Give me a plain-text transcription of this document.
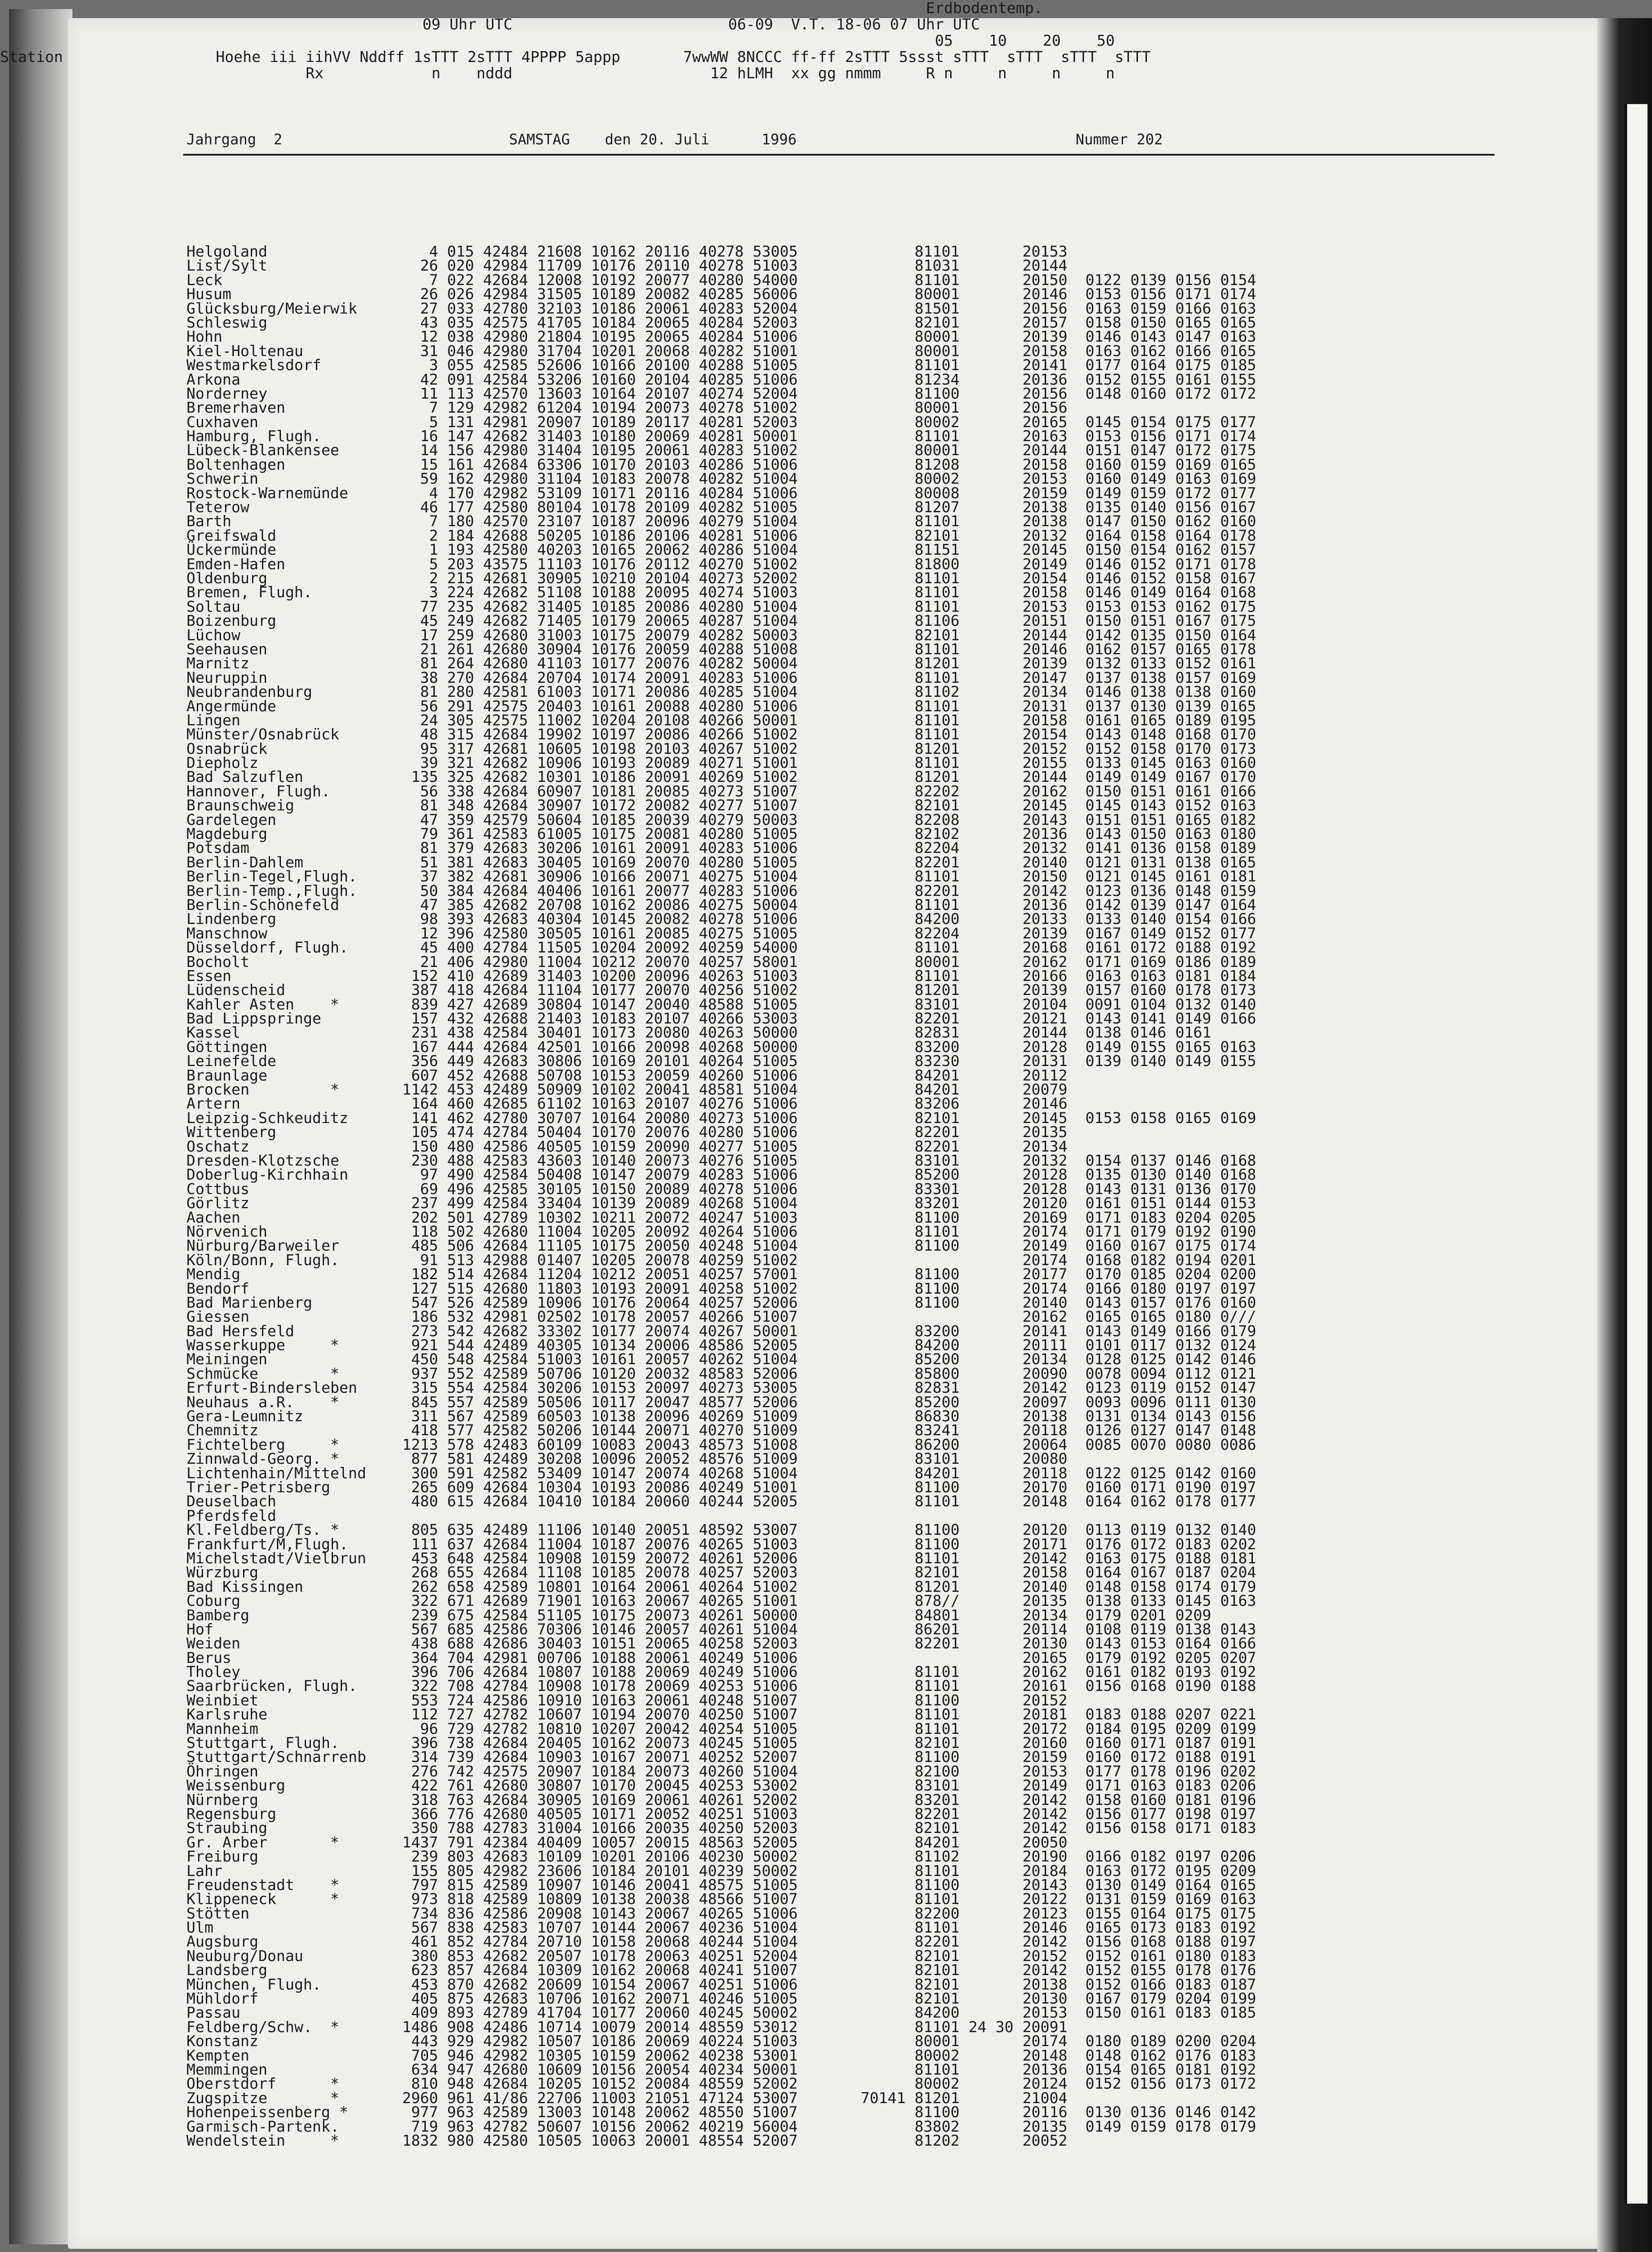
Jahrgang  2                          SAMSTAG    den 20. Juli      1996                                Nummer 202
Erdbodentemp.
09 Uhr UTC                        06-09  V.T. 18-06 07 Uhr UTC
05    10    20    50
Station                 Hoehe iii iihVV Nddff 1sTTT 2sTTT 4PPPP 5appp       7wwWW 8NCCC ff-ff 2sTTT 5ssst sTTT  sTTT  sTTT  sTTT
Rx            n    nddd                      12 hLMH  xx gg nmmm     R n     n     n     n
Helgoland                  4 015 42484 21608 10162 20116 40278 53005             81101       20153
List/Sylt                 26 020 42984 11709 10176 20110 40278 51003             81031       20144
Leck                       7 022 42684 12008 10192 20077 40280 54000             81101       20150  0122 0139 0156 0154
Husum                     26 026 42984 31505 10189 20082 40285 56006             80001       20146  0153 0156 0171 0174
Glücksburg/Meierwik       27 033 42780 32103 10186 20061 40283 52004             81501       20156  0163 0159 0166 0163
Schleswig                 43 035 42575 41705 10184 20065 40284 52003             82101       20157  0158 0150 0165 0165
Hohn                      12 038 42980 21804 10195 20065 40284 51006             80001       20139  0146 0143 0147 0163
Kiel-Holtenau             31 046 42980 31704 10201 20068 40282 51001             80001       20158  0163 0162 0166 0165
Westmarkelsdorf            3 055 42585 52606 10166 20100 40288 51005             81101       20141  0177 0164 0175 0185
Arkona                    42 091 42584 53206 10160 20104 40285 51006             81234       20136  0152 0155 0161 0155
Norderney                 11 113 42570 13603 10164 20107 40274 52004             81100       20156  0148 0160 0172 0172
Bremerhaven                7 129 42982 61204 10194 20073 40278 51002             80001       20156
Cuxhaven                   5 131 42981 20907 10189 20117 40281 52003             80002       20165  0145 0154 0175 0177
Hamburg, Flugh.           16 147 42682 31403 10180 20069 40281 50001             81101       20163  0153 0156 0171 0174
Lübeck-Blankensee         14 156 42980 31404 10195 20061 40283 51002             80001       20144  0151 0147 0172 0175
Boltenhagen               15 161 42684 63306 10170 20103 40286 51006             81208       20158  0160 0159 0169 0165
Schwerin                  59 162 42980 31104 10183 20078 40282 51004             80002       20153  0160 0149 0163 0169
Rostock-Warnemünde         4 170 42982 53109 10171 20116 40284 51006             80008       20159  0149 0159 0172 0177
Teterow                   46 177 42580 80104 10178 20109 40282 51005             81207       20138  0135 0140 0156 0167
Barth                      7 180 42570 23107 10187 20096 40279 51004             81101       20138  0147 0150 0162 0160
Greifswald                 2 184 42688 50205 10186 20106 40281 51006             82101       20132  0164 0158 0164 0178
Ückermünde                 1 193 42580 40203 10165 20062 40286 51004             81151       20145  0150 0154 0162 0157
Emden-Hafen                5 203 43575 11103 10176 20112 40270 51002             81800       20149  0146 0152 0171 0178
Oldenburg                  2 215 42681 30905 10210 20104 40273 52002             81101       20154  0146 0152 0158 0167
Bremen, Flugh.             3 224 42682 51108 10188 20095 40274 51003             81101       20158  0146 0149 0164 0168
Soltau                    77 235 42682 31405 10185 20086 40280 51004             81101       20153  0153 0153 0162 0175
Boizenburg                45 249 42682 71405 10179 20065 40287 51004             81106       20151  0150 0151 0167 0175
Lüchow                    17 259 42680 31003 10175 20079 40282 50003             82101       20144  0142 0135 0150 0164
Seehausen                 21 261 42680 30904 10176 20059 40288 51008             81101       20146  0162 0157 0165 0178
Marnitz                   81 264 42680 41103 10177 20076 40282 50004             81201       20139  0132 0133 0152 0161
Neuruppin                 38 270 42684 20704 10174 20091 40283 51006             81101       20147  0137 0138 0157 0169
Neubrandenburg            81 280 42581 61003 10171 20086 40285 51004             81102       20134  0146 0138 0138 0160
Angermünde                56 291 42575 20403 10161 20088 40280 51006             81101       20131  0137 0130 0139 0165
Lingen                    24 305 42575 11002 10204 20108 40266 50001             81101       20158  0161 0165 0189 0195
Münster/Osnabrück         48 315 42684 19902 10197 20086 40266 51002             81101       20154  0143 0148 0168 0170
Osnabrück                 95 317 42681 10605 10198 20103 40267 51002             81201       20152  0152 0158 0170 0173
Diepholz                  39 321 42682 10906 10193 20089 40271 51001             81101       20155  0133 0145 0163 0160
Bad Salzuflen            135 325 42682 10301 10186 20091 40269 51002             81201       20144  0149 0149 0167 0170
Hannover, Flugh.          56 338 42684 60907 10181 20085 40273 51007             82202       20162  0150 0151 0161 0166
Braunschweig              81 348 42684 30907 10172 20082 40277 51007             82101       20145  0145 0143 0152 0163
Gardelegen                47 359 42579 50604 10185 20039 40279 50003             82208       20143  0151 0151 0165 0182
Magdeburg                 79 361 42583 61005 10175 20081 40280 51005             82102       20136  0143 0150 0163 0180
Potsdam                   81 379 42683 30206 10161 20091 40283 51006             82204       20132  0141 0136 0158 0189
Berlin-Dahlem             51 381 42683 30405 10169 20070 40280 51005             82201       20140  0121 0131 0138 0165
Berlin-Tegel,Flugh.       37 382 42681 30906 10166 20071 40275 51004             81101       20150  0121 0145 0161 0181
Berlin-Temp.,Flugh.       50 384 42684 40406 10161 20077 40283 51006             82201       20142  0123 0136 0148 0159
Berlin-Schönefeld         47 385 42682 20708 10162 20086 40275 50004             81101       20136  0142 0139 0147 0164
Lindenberg                98 393 42683 40304 10145 20082 40278 51006             84200       20133  0133 0140 0154 0166
Manschnow                 12 396 42580 30505 10161 20085 40275 51005             82204       20139  0167 0149 0152 0177
Düsseldorf, Flugh.        45 400 42784 11505 10204 20092 40259 54000             81101       20168  0161 0172 0188 0192
Bocholt                   21 406 42980 11004 10212 20070 40257 58001             80001       20162  0171 0169 0186 0189
Essen                    152 410 42689 31403 10200 20096 40263 51003             81101       20166  0163 0163 0181 0184
Lüdenscheid              387 418 42684 11104 10177 20070 40256 51002             81201       20139  0157 0160 0178 0173
Kahler Asten    *        839 427 42689 30804 10147 20040 48588 51005             83101       20104  0091 0104 0132 0140
Bad Lippspringe          157 432 42688 21403 10183 20107 40266 53003             82201       20121  0143 0141 0149 0166
Kassel                   231 438 42584 30401 10173 20080 40263 50000             82831       20144  0138 0146 0161
Göttingen                167 444 42684 42501 10166 20098 40268 50000             83200       20128  0149 0155 0165 0163
Leinefelde               356 449 42683 30806 10169 20101 40264 51005             83230       20131  0139 0140 0149 0155
Braunlage                607 452 42688 50708 10153 20059 40260 51006             84201       20112
Brocken         *       1142 453 42489 50909 10102 20041 48581 51004             84201       20079
Artern                   164 460 42685 61102 10163 20107 40276 51006             83206       20146
Leipzig-Schkeuditz       141 462 42780 30707 10164 20080 40273 51006             82101       20145  0153 0158 0165 0169
Wittenberg               105 474 42784 50404 10170 20076 40280 51006             82201       20135
Oschatz                  150 480 42586 40505 10159 20090 40277 51005             82201       20134
Dresden-Klotzsche        230 488 42583 43603 10140 20073 40276 51005             83101       20132  0154 0137 0146 0168
Doberlug-Kirchhain        97 490 42584 50408 10147 20079 40283 51006             85200       20128  0135 0130 0140 0168
Cottbus                   69 496 42585 30105 10150 20089 40278 51006             83301       20128  0143 0131 0136 0170
Görlitz                  237 499 42584 33404 10139 20089 40268 51004             83201       20120  0161 0151 0144 0153
Aachen                   202 501 42789 10302 10211 20072 40247 51003             81100       20169  0171 0183 0204 0205
Nörvenich                118 502 42680 11004 10205 20092 40264 51006             81101       20174  0171 0179 0192 0190
Nürburg/Barweiler        485 506 42684 11105 10175 20050 40248 51004             81100       20149  0160 0167 0175 0174
Köln/Bonn, Flugh.         91 513 42988 01407 10205 20078 40259 51002                         20174  0168 0182 0194 0201
Mendig                   182 514 42684 11204 10212 20051 40257 57001             81100       20177  0170 0185 0204 0200
Bendorf                  127 515 42680 11803 10193 20091 40258 51002             81100       20174  0166 0180 0197 0197
Bad Marienberg           547 526 42589 10906 10176 20064 40257 52006             81100       20140  0143 0157 0176 0160
Giessen                  186 532 42981 02502 10178 20057 40266 51007                         20162  0165 0165 0180 0///
Bad Hersfeld             273 542 42682 33302 10177 20074 40267 50001             83200       20141  0143 0149 0166 0179
Wasserkuppe     *        921 544 42489 40305 10134 20006 48586 52005             84200       20111  0101 0117 0132 0124
Meiningen                450 548 42584 51003 10161 20057 40262 51004             85200       20134  0128 0125 0142 0146
Schmücke        *        937 552 42589 50706 10120 20032 48583 52006             85800       20090  0078 0094 0112 0121
Erfurt-Bindersleben      315 554 42584 30206 10153 20097 40273 53005             82831       20142  0123 0119 0152 0147
Neuhaus a.R.    *        845 557 42589 50506 10117 20047 48577 52006             85200       20097  0093 0096 0111 0130
Gera-Leumnitz            311 567 42589 60503 10138 20096 40269 51009             86830       20138  0131 0134 0143 0156
Chemnitz                 418 577 42582 50206 10144 20071 40270 51009             83241       20118  0126 0127 0147 0148
Fichtelberg     *       1213 578 42483 60109 10083 20043 48573 51008             86200       20064  0085 0070 0080 0086
Zinnwald-Georg. *        877 581 42489 30208 10096 20052 48576 51009             83101       20080
Lichtenhain/Mittelnd     300 591 42582 53409 10147 20074 40268 51004             84201       20118  0122 0125 0142 0160
Trier-Petrisberg         265 609 42684 10304 10193 20086 40249 51001             81100       20170  0160 0171 0190 0197
Deuselbach               480 615 42684 10410 10184 20060 40244 52005             81101       20148  0164 0162 0178 0177
Pferdsfeld
Kl.Feldberg/Ts. *        805 635 42489 11106 10140 20051 48592 53007             81100       20120  0113 0119 0132 0140
Frankfurt/M,Flugh.       111 637 42684 11004 10187 20076 40265 51003             81100       20171  0176 0172 0183 0202
Michelstadt/Vielbrun     453 648 42584 10908 10159 20072 40261 52006             81101       20142  0163 0175 0188 0181
Würzburg                 268 655 42684 11108 10185 20078 40257 52003             82101       20158  0164 0167 0187 0204
Bad Kissingen            262 658 42589 10801 10164 20061 40264 51002             81201       20140  0148 0158 0174 0179
Coburg                   322 671 42689 71901 10163 20067 40265 51001             878//       20135  0138 0133 0145 0163
Bamberg                  239 675 42584 51105 10175 20073 40261 50000             84801       20134  0179 0201 0209
Hof                      567 685 42586 70306 10146 20057 40261 51004             86201       20114  0108 0119 0138 0143
Weiden                   438 688 42686 30403 10151 20065 40258 52003             82201       20130  0143 0153 0164 0166
Berus                    364 704 42981 00706 10188 20061 40249 51006                         20165  0179 0192 0205 0207
Tholey                   396 706 42684 10807 10188 20069 40249 51006             81101       20162  0161 0182 0193 0192
Saarbrücken, Flugh.      322 708 42784 10908 10178 20069 40253 51006             81101       20161  0156 0168 0190 0188
Weinbiet                 553 724 42586 10910 10163 20061 40248 51007             81100       20152
Karlsruhe                112 727 42782 10607 10194 20070 40250 51007             81101       20181  0183 0188 0207 0221
Mannheim                  96 729 42782 10810 10207 20042 40254 51005             81101       20172  0184 0195 0209 0199
Stuttgart, Flugh.        396 738 42684 20405 10162 20073 40245 51005             82101       20160  0160 0171 0187 0191
Stuttgart/Schnarrenb     314 739 42684 10903 10167 20071 40252 52007             81100       20159  0160 0172 0188 0191
Öhringen                 276 742 42575 20907 10184 20073 40260 51004             82100       20153  0177 0178 0196 0202
Weissenburg              422 761 42680 30807 10170 20045 40253 53002             83101       20149  0171 0163 0183 0206
Nürnberg                 318 763 42684 30905 10169 20061 40261 52002             83201       20142  0158 0160 0181 0196
Regensburg               366 776 42680 40505 10171 20052 40251 51003             82201       20142  0156 0177 0198 0197
Straubing                350 788 42783 31004 10166 20035 40250 52003             82101       20142  0156 0158 0171 0183
Gr. Arber       *       1437 791 42384 40409 10057 20015 48563 52005             84201       20050
Freiburg                 239 803 42683 10109 10201 20106 40230 50002             81102       20190  0166 0182 0197 0206
Lahr                     155 805 42982 23606 10184 20101 40239 50002             81101       20184  0163 0172 0195 0209
Freudenstadt    *        797 815 42589 10907 10146 20041 48575 51005             81100       20143  0130 0149 0164 0165
Klippeneck      *        973 818 42589 10809 10138 20038 48566 51007             81101       20122  0131 0159 0169 0163
Stötten                  734 836 42586 20908 10143 20067 40265 51006             82200       20123  0155 0164 0175 0175
Ulm                      567 838 42583 10707 10144 20067 40236 51004             81101       20146  0165 0173 0183 0192
Augsburg                 461 852 42784 20710 10158 20068 40244 51004             82201       20142  0156 0168 0188 0197
Neuburg/Donau            380 853 42682 20507 10178 20063 40251 52004             82101       20152  0152 0161 0180 0183
Landsberg                623 857 42684 10309 10162 20068 40241 51007             82101       20142  0152 0155 0178 0176
München, Flugh.          453 870 42682 20609 10154 20067 40251 51006             82101       20138  0152 0166 0183 0187
Mühldorf                 405 875 42683 10706 10162 20071 40246 51005             82101       20130  0167 0179 0204 0199
Passau                   409 893 42789 41704 10177 20060 40245 50002             84200       20153  0150 0161 0183 0185
Feldberg/Schw.  *       1486 908 42486 10714 10079 20014 48559 53012             81101 24 30 20091
Konstanz                 443 929 42982 10507 10186 20069 40224 51003             80001       20174  0180 0189 0200 0204
Kempten                  705 946 42982 10305 10159 20062 40238 53001             80002       20148  0148 0162 0176 0183
Memmingen                634 947 42680 10609 10156 20054 40234 50001             81101       20136  0154 0165 0181 0192
Oberstdorf      *        810 948 42684 10205 10152 20084 48559 52002             80002       20124  0152 0156 0173 0172
Zugspitze       *       2960 961 41/86 22706 11003 21051 47124 53007       70141 81201       21004
Hohenpeissenberg *       977 963 42589 13003 10148 20062 48550 51007             81100       20116  0130 0136 0146 0142
Garmisch-Partenk.        719 963 42782 50607 10156 20062 40219 56004             83802       20135  0149 0159 0178 0179
Wendelstein     *       1832 980 42580 10505 10063 20001 48554 52007             81202       20052
